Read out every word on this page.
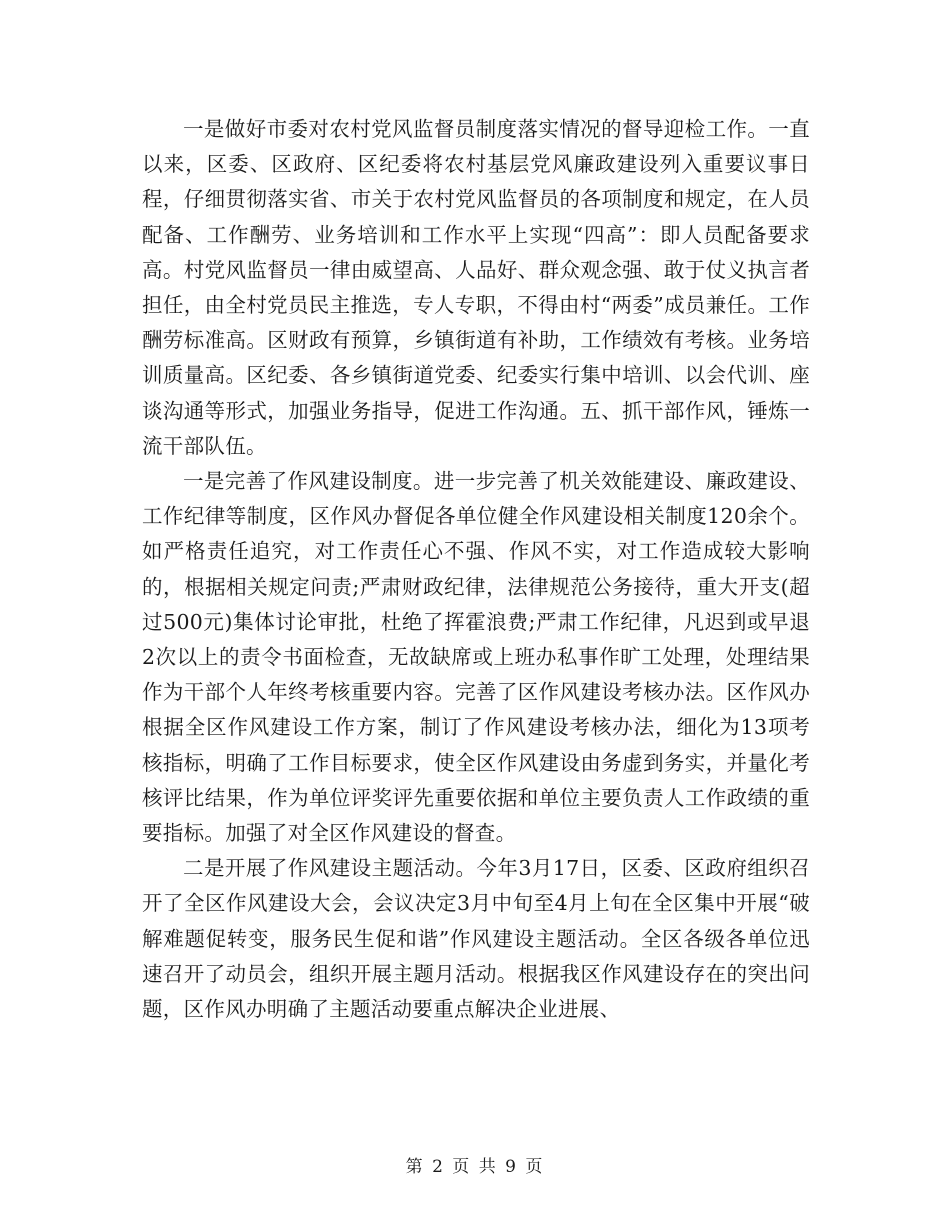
一是做好市委对农村党风监督员制度落实情况的督导迎检工作。一直以来，区委、区政府、区纪委将农村基层党风廉政建设列入重要议事日程，仔细贯彻落实省、市关于农村党风监督员的各项制度和规定，在人员配备、工作酬劳、业务培训和工作水平上实现“四高”：即人员配备要求高。村党风监督员一律由威望高、人品好、群众观念强、敢于仗义执言者担任，由全村党员民主推选，专人专职，不得由村“两委”成员兼任。工作酬劳标准高。区财政有预算，乡镇街道有补助，工作绩效有考核。业务培训质量高。区纪委、各乡镇街道党委、纪委实行集中培训、以会代训、座谈沟通等形式，加强业务指导，促进工作沟通。五、抓干部作风，锤炼一流干部队伍。

一是完善了作风建设制度。进一步完善了机关效能建设、廉政建设、工作纪律等制度，区作风办督促各单位健全作风建设相关制度120余个。如严格责任追究，对工作责任心不强、作风不实，对工作造成较大影响的，根据相关规定问责;严肃财政纪律，法律规范公务接待，重大开支(超过500元)集体讨论审批，杜绝了挥霍浪费;严肃工作纪律，凡迟到或早退2次以上的责令书面检查，无故缺席或上班办私事作旷工处理，处理结果作为干部个人年终考核重要内容。完善了区作风建设考核办法。区作风办根据全区作风建设工作方案，制订了作风建设考核办法，细化为13项考核指标，明确了工作目标要求，使全区作风建设由务虚到务实，并量化考核评比结果，作为单位评奖评先重要依据和单位主要负责人工作政绩的重要指标。加强了对全区作风建设的督查。

二是开展了作风建设主题活动。今年3月17日，区委、区政府组织召开了全区作风建设大会，会议决定3月中旬至4月上旬在全区集中开展“破解难题促转变，服务民生促和谐”作风建设主题活动。全区各级各单位迅速召开了动员会，组织开展主题月活动。根据我区作风建设存在的突出问题，区作风办明确了主题活动要重点解决企业进展、

第 2 页 共 9 页
